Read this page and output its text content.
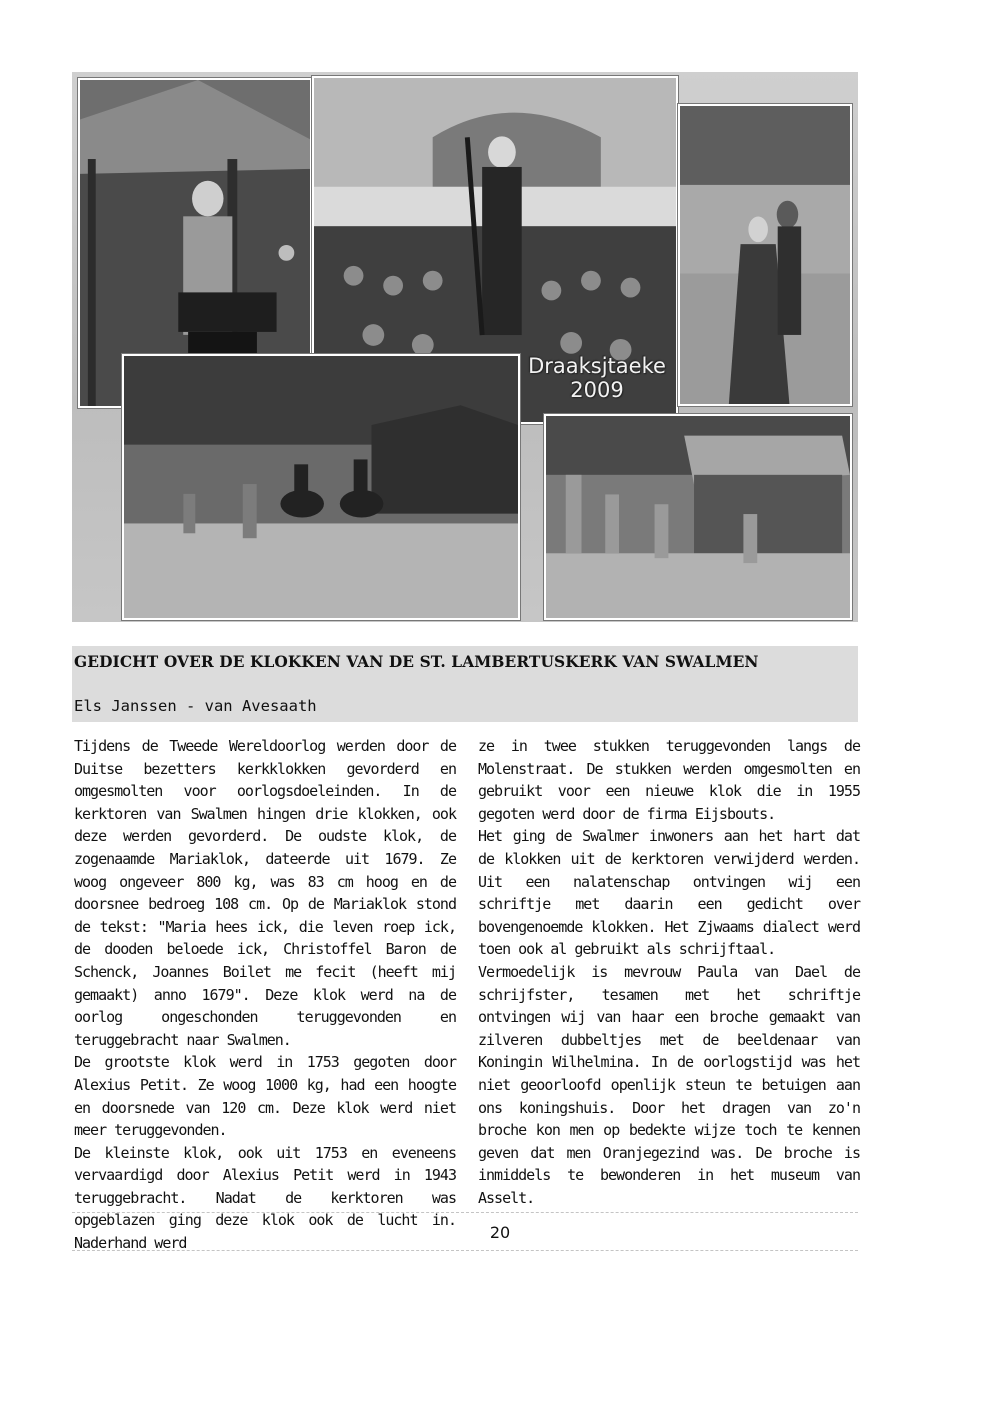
Draaksjtaeke
2009
GEDICHT OVER DE KLOKKEN VAN DE ST. LAMBERTUSKERK VAN SWALMEN

Els Janssen - van Avesaath

Tijdens de Tweede Wereldoorlog werden door de Duitse bezetters kerkklokken gevorderd en omgesmolten voor oorlogsdoeleinden. In de kerktoren van Swalmen hingen drie klokken, ook deze werden gevorderd. De oudste klok, de zogenaamde Mariaklok, dateerde uit 1679. Ze woog ongeveer 800 kg, was 83 cm hoog en de doorsnee bedroeg 108 cm. Op de Mariaklok stond de tekst: "Maria hees ick, die leven roep ick, de dooden beloede ick, Christoffel Baron de Schenck, Joannes Boilet me fecit (heeft mij gemaakt) anno 1679". Deze klok werd na de oorlog ongeschonden teruggevonden en teruggebracht naar Swalmen.

De grootste klok werd in 1753 gegoten door Alexius Petit. Ze woog 1000 kg, had een hoogte en doorsnede van 120 cm. Deze klok werd niet meer teruggevonden.

De kleinste klok, ook uit 1753 en eveneens vervaardigd door Alexius Petit werd in 1943 teruggebracht. Nadat de kerktoren was opgeblazen ging deze klok ook de lucht in. Naderhand werd

ze in twee stukken teruggevonden langs de Molenstraat. De stukken werden omgesmolten en gebruikt voor een nieuwe klok die in 1955 gegoten werd door de firma Eijsbouts.

Het ging de Swalmer inwoners aan het hart dat de klokken uit de kerktoren verwijderd werden. Uit een nalatenschap ontvingen wij een schriftje met daarin een gedicht over bovengenoemde klokken. Het Zjwaams dialect werd toen ook al gebruikt als schrijftaal.

Vermoedelijk is mevrouw Paula van Dael de schrijfster, tesamen met het schriftje ontvingen wij van haar een broche gemaakt van zilveren dubbeltjes met de beeldenaar van Koningin Wilhelmina. In de oorlogstijd was het niet geoorloofd openlijk steun te betuigen aan ons koningshuis. Door het dragen van zo'n broche kon men op bedekte wijze toch te kennen geven dat men Oranjegezind was. De broche is inmiddels te bewonderen in het museum van Asselt.

20
